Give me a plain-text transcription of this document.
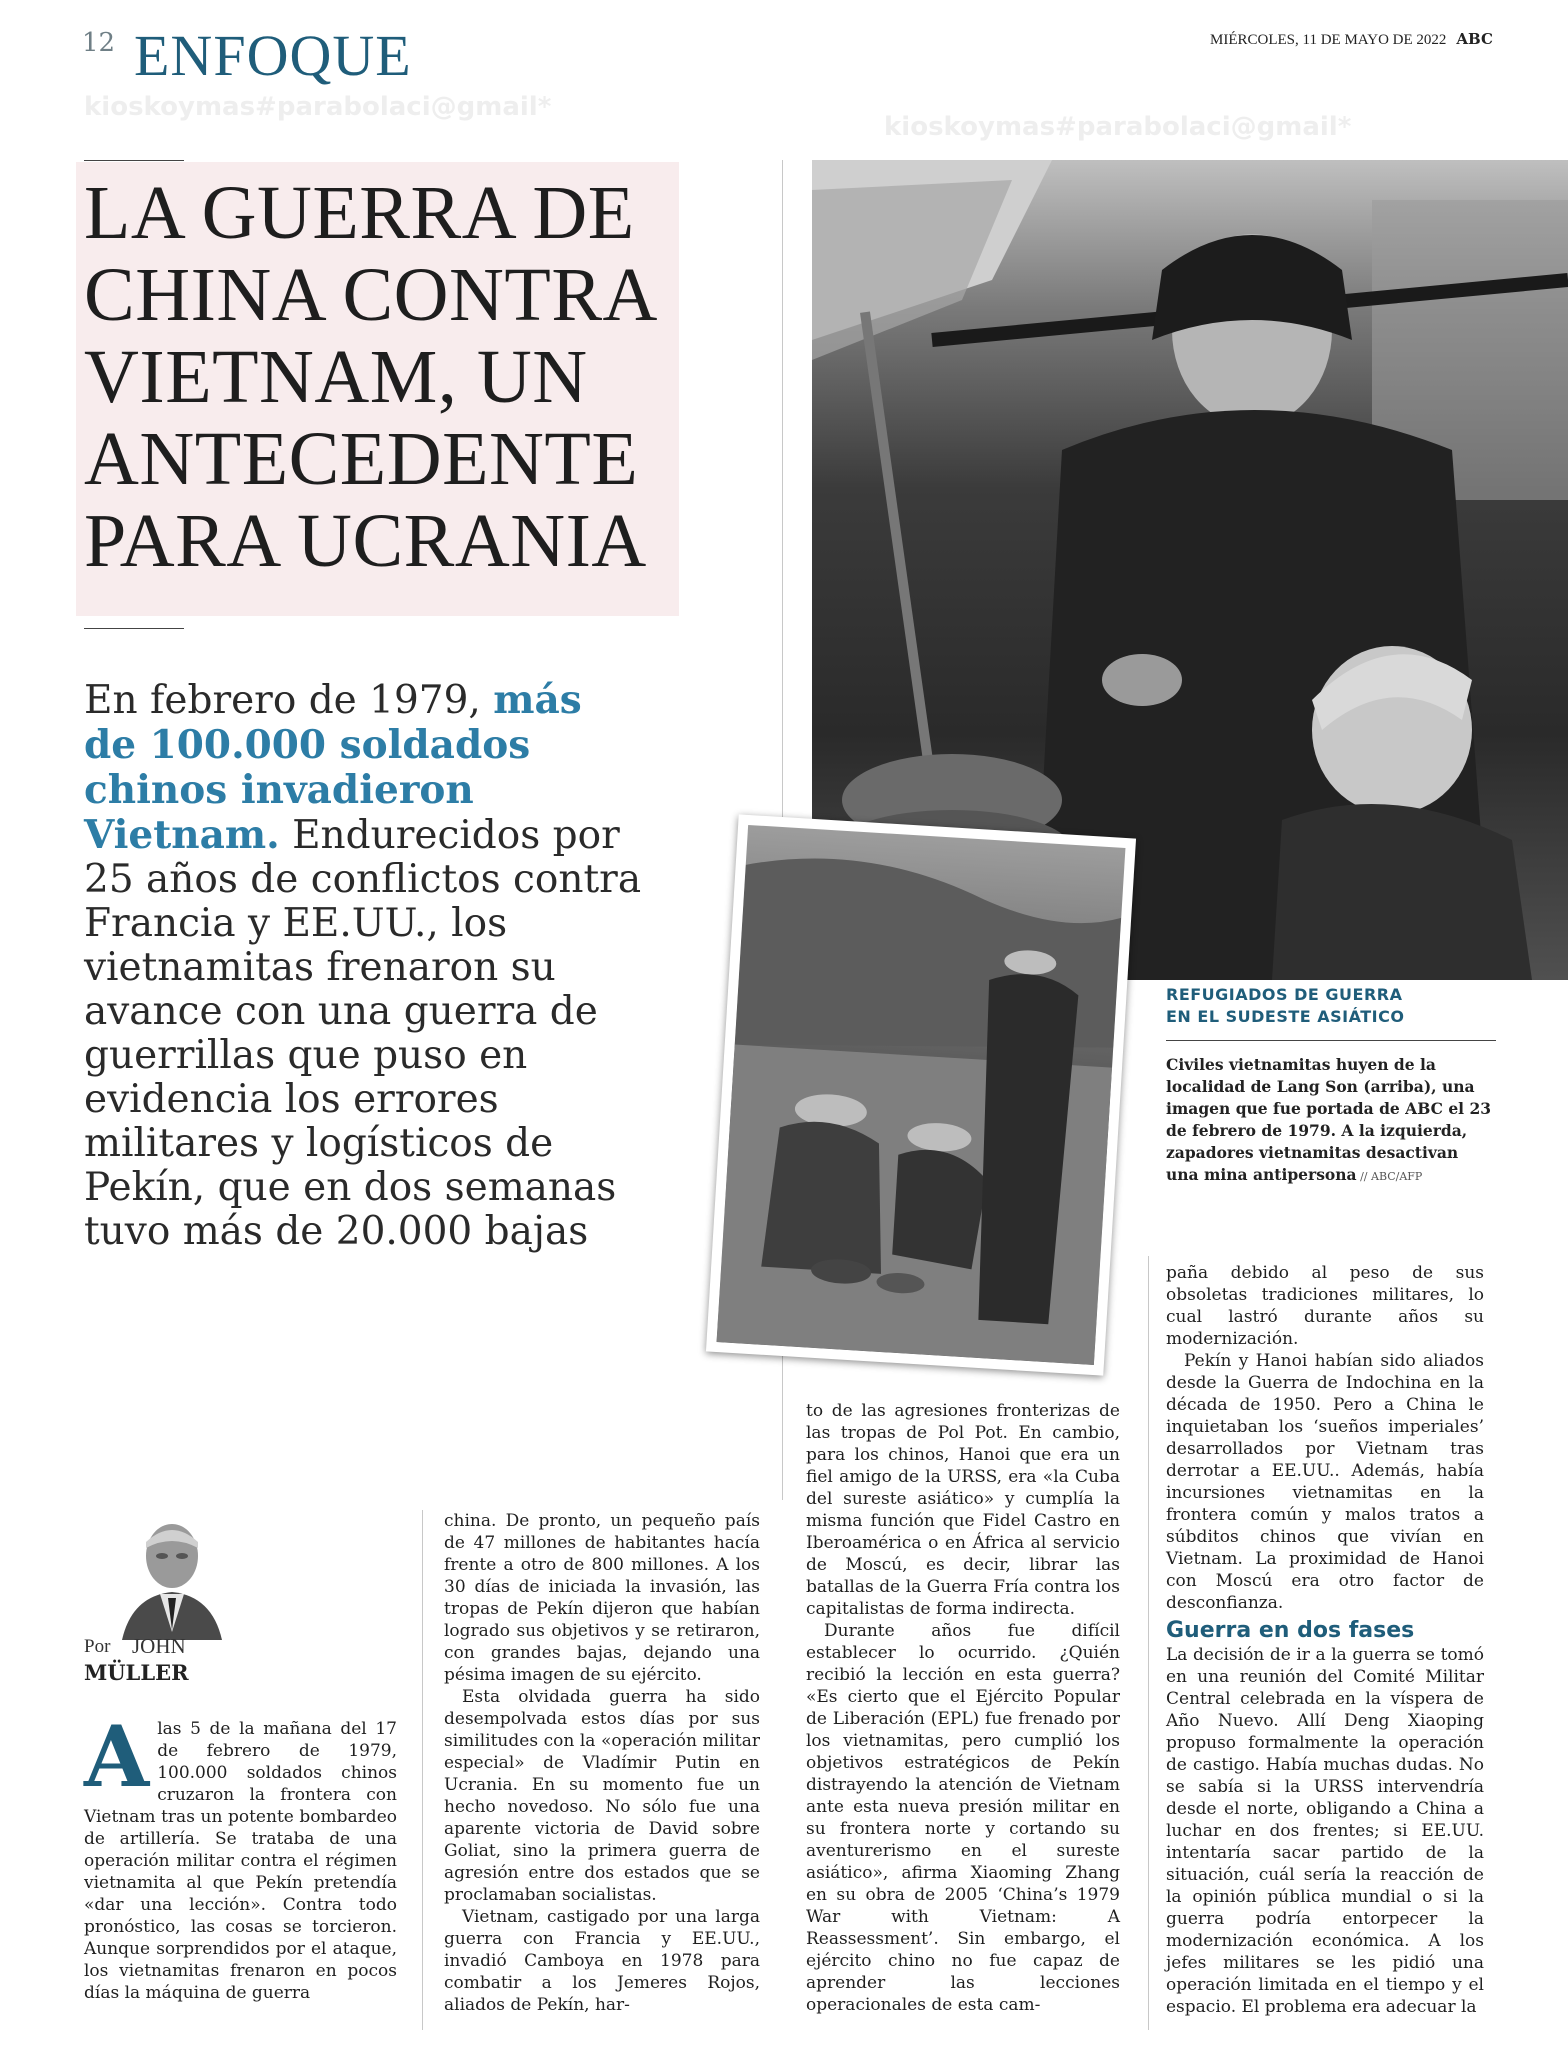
12 ENFOQUE	MIÉRCOLES, 11 DE MAYO DE 2022 ABC
kioskoymas#parabolaci@gmail*
kioskoymas#parabolaci@gmail*
LA GUERRA DE
CHINA CONTRA
VIETNAM, UN
ANTECEDENTE
PARA UCRANIA
En febrero de 1979, más de 100.000 soldados chinos invadieron Vietnam. Endurecidos por 25 años de conflictos contra Francia y EE.UU., los vietnamitas frenaron su avance con una guerra de guerrillas que puso en evidencia los errores militares y logísticos de Pekín, que en dos semanas tuvo más de 20.000 bajas
REFUGIADOS DE GUERRA
EN EL SUDESTE ASIÁTICO
Civiles vietnamitas huyen de la localidad de Lang Son (arriba), una imagen que fue portada de ABC el 23 de febrero de 1979. A la izquierda, zapadores vietnamitas desactivan una mina antipersona // ABC/AFP
Por JOHN
MÜLLER
A las 5 de la mañana del 17 de febrero de 1979, 100.000 soldados chinos cruzaron la frontera con Vietnam tras un potente bombardeo de artillería. Se trataba de una operación militar contra el régimen vietnamita al que Pekín pretendía «dar una lección». Contra todo pronóstico, las cosas se torcieron. Aunque sorprendidos por el ataque, los vietnamitas frenaron en pocos días la máquina de guerra

china. De pronto, un pequeño país de 47 millones de habitantes hacía frente a otro de 800 millones. A los 30 días de iniciada la invasión, las tropas de Pekín dijeron que habían logrado sus objetivos y se retiraron, con grandes bajas, dejando una pésima imagen de su ejército.

Esta olvidada guerra ha sido desempolvada estos días por sus similitudes con la «operación militar especial» de Vladímir Putin en Ucrania. En su momento fue un hecho novedoso. No sólo fue una aparente victoria de David sobre Goliat, sino la primera guerra de agresión entre dos estados que se proclamaban socialistas.

Vietnam, castigado por una larga guerra con Francia y EE.UU., invadió Camboya en 1978 para combatir a los Jemeres Rojos, aliados de Pekín, har-

to de las agresiones fronterizas de las tropas de Pol Pot. En cambio, para los chinos, Hanoi que era un fiel amigo de la URSS, era «la Cuba del sureste asiático» y cumplía la misma función que Fidel Castro en Iberoamérica o en África al servicio de Moscú, es decir, librar las batallas de la Guerra Fría contra los capitalistas de forma indirecta.

Durante años fue difícil establecer lo ocurrido. ¿Quién recibió la lección en esta guerra? «Es cierto que el Ejército Popular de Liberación (EPL) fue frenado por los vietnamitas, pero cumplió los objetivos estratégicos de Pekín distrayendo la atención de Vietnam ante esta nueva presión militar en su frontera norte y cortando su aventurerismo en el sureste asiático», afirma Xiaoming Zhang en su obra de 2005 ‘China’s 1979 War with Vietnam: A Reassessment’. Sin embargo, el ejército chino no fue capaz de aprender las lecciones operacionales de esta cam-

paña debido al peso de sus obsoletas tradiciones militares, lo cual lastró durante años su modernización.

Pekín y Hanoi habían sido aliados desde la Guerra de Indochina en la década de 1950. Pero a China le inquietaban los ‘sueños imperiales’ desarrollados por Vietnam tras derrotar a EE.UU.. Además, había incursiones vietnamitas en la frontera común y malos tratos a súbditos chinos que vivían en Vietnam. La proximidad de Hanoi con Moscú era otro factor de desconfianza.

Guerra en dos fases

La decisión de ir a la guerra se tomó en una reunión del Comité Militar Central celebrada en la víspera de Año Nuevo. Allí Deng Xiaoping propuso formalmente la operación de castigo. Había muchas dudas. No se sabía si la URSS intervendría desde el norte, obligando a China a luchar en dos frentes; si EE.UU. intentaría sacar partido de la situación, cuál sería la reacción de la opinión pública mundial o si la guerra podría entorpecer la modernización económica. A los jefes militares se les pidió una operación limitada en el tiempo y el espacio. El problema era adecuar la
